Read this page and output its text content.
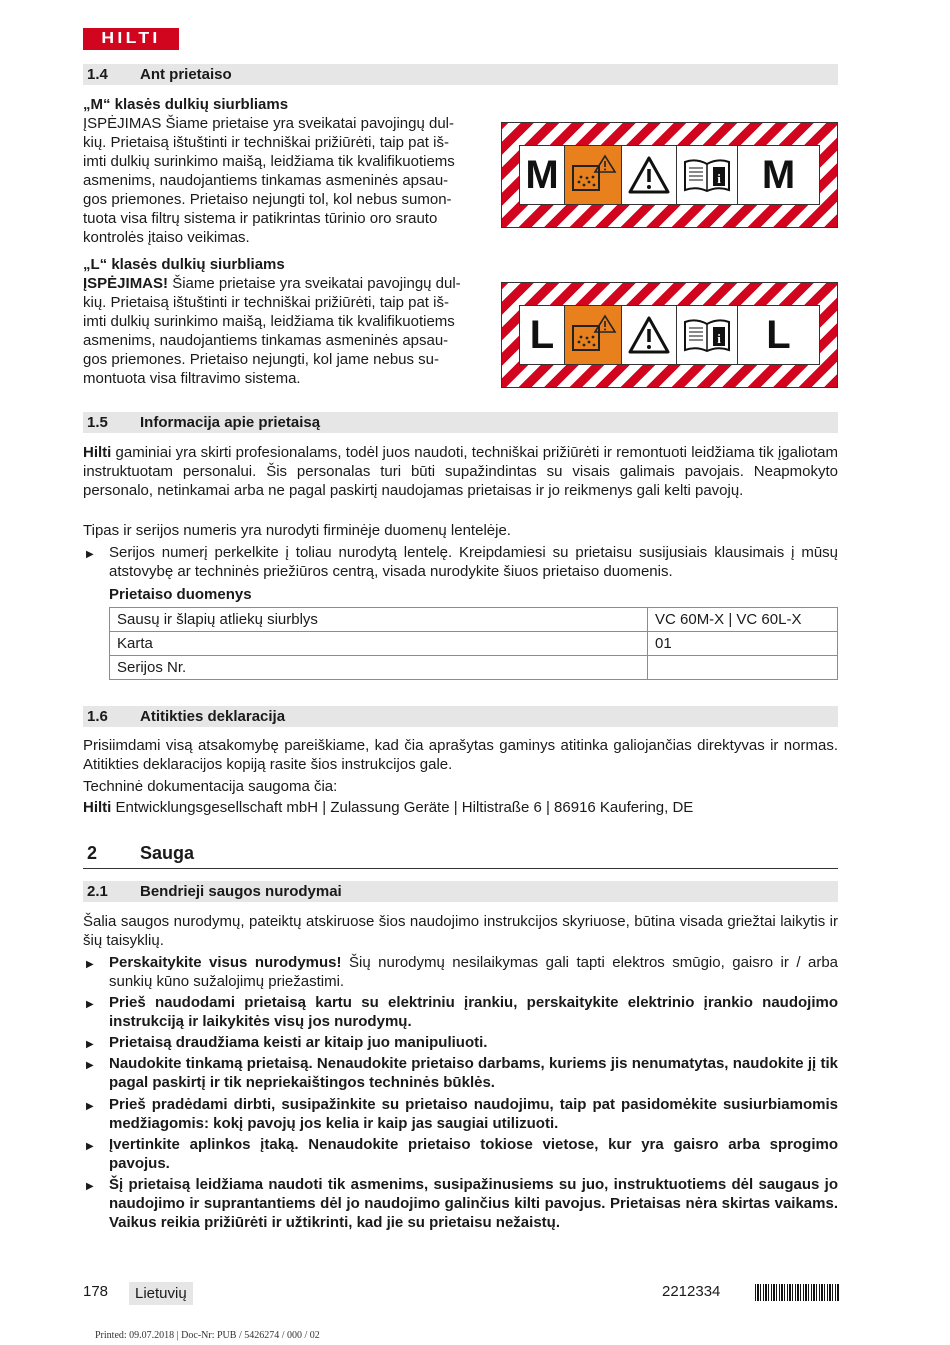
HILTI
1.4 Ant prietaiso
„M“ klasės dulkių siurbliams
ĮSPĖJIMAS Šiame prietaise yra sveikatai pavojingų dul-
kių. Prietaisą ištuštinti ir techniškai prižiūrėti, taip pat iš-
imti dulkių surinkimo maišą, leidžiama tik kvalifikuotiems
asmenims, naudojantiems tinkamas asmeninės apsau-
gos priemones. Prietaiso nejungti tol, kol nebus sumon-
tuota visa filtrų sistema ir patikrintas tūrinio oro srauto
kontrolės įtaiso veikimas.
„L“ klasės dulkių siurbliams
ĮSPĖJIMAS! Šiame prietaise yra sveikatai pavojingų dul-
kių. Prietaisą ištuštinti ir techniškai prižiūrėti, taip pat iš-
imti dulkių surinkimo maišą, leidžiama tik kvalifikuotiems
asmenims, naudojantiems tinkamas asmeninės apsau-
gos priemones. Prietaiso nejungti, kol jame nebus su-
montuota visa filtravimo sistema.
M	i M
L	i L
1.5 Informacija apie prietaisą
Hilti gaminiai yra skirti profesionalams, todėl juos naudoti, techniškai prižiūrėti ir remontuoti leidžiama tik įgaliotam instruktuotam personalui. Šis personalas turi būti supažindintas su visais galimais pavojais. Neapmokyto personalo, netinkamai arba ne pagal paskirtį naudojamas prietaisas ir jo reikmenys gali kelti pavojų.
Tipas ir serijos numeris yra nurodyti firminėje duomenų lentelėje.
▶ Serijos numerį perkelkite į toliau nurodytą lentelę. Kreipdamiesi su prietaisu susijusiais klausimais į mūsų atstovybę ar techninės priežiūros centrą, visada nurodykite šiuos prietaiso duomenis.
Prietaiso duomenys
Sausų ir šlapių atliekų siurblys	VC 60M-X | VC 60L-X
Karta	01
Serijos Nr.	
1.6 Atitikties deklaracija
Prisiimdami visą atsakomybę pareiškiame, kad čia aprašytas gaminys atitinka galiojančias direktyvas ir normas. Atitikties deklaracijos kopiją rasite šios instrukcijos gale.
Techninė dokumentacija saugoma čia:
Hilti Entwicklungsgesellschaft mbH | Zulassung Geräte | Hiltistraße 6 | 86916 Kaufering, DE
2 Sauga
2.1 Bendrieji saugos nurodymai
Šalia saugos nurodymų, pateiktų atskiruose šios naudojimo instrukcijos skyriuose, būtina visada griežtai laikytis ir šių taisyklių.
▶ Perskaitykite visus nurodymus! Šių nurodymų nesilaikymas gali tapti elektros smūgio, gaisro ir / arba sunkių kūno sužalojimų priežastimi.
▶ Prieš naudodami prietaisą kartu su elektriniu įrankiu, perskaitykite elektrinio įrankio naudojimo instrukciją ir laikykitės visų jos nurodymų.
▶ Prietaisą draudžiama keisti ar kitaip juo manipuliuoti.
▶ Naudokite tinkamą prietaisą. Nenaudokite prietaiso darbams, kuriems jis nenumatytas, naudokite jį tik pagal paskirtį ir tik nepriekaištingos techninės būklės.
▶ Prieš pradėdami dirbti, susipažinkite su prietaiso naudojimu, taip pat pasidomėkite susiurbiamomis medžiagomis: kokį pavojų jos kelia ir kaip jas saugiai utilizuoti.
▶ Įvertinkite aplinkos įtaką. Nenaudokite prietaiso tokiose vietose, kur yra gaisro arba sprogimo pavojus.
▶ Šį prietaisą leidžiama naudoti tik asmenims, susipažinusiems su juo, instruktuotiems dėl saugaus jo naudojimo ir suprantantiems dėl jo naudojimo galinčius kilti pavojus. Prietaisas nėra skirtas vaikams. Vaikus reikia prižiūrėti ir užtikrinti, kad jie su prietaisu nežaistų.
178	Lietuvių	2212334
Printed: 09.07.2018 | Doc-Nr: PUB / 5426274 / 000 / 02
